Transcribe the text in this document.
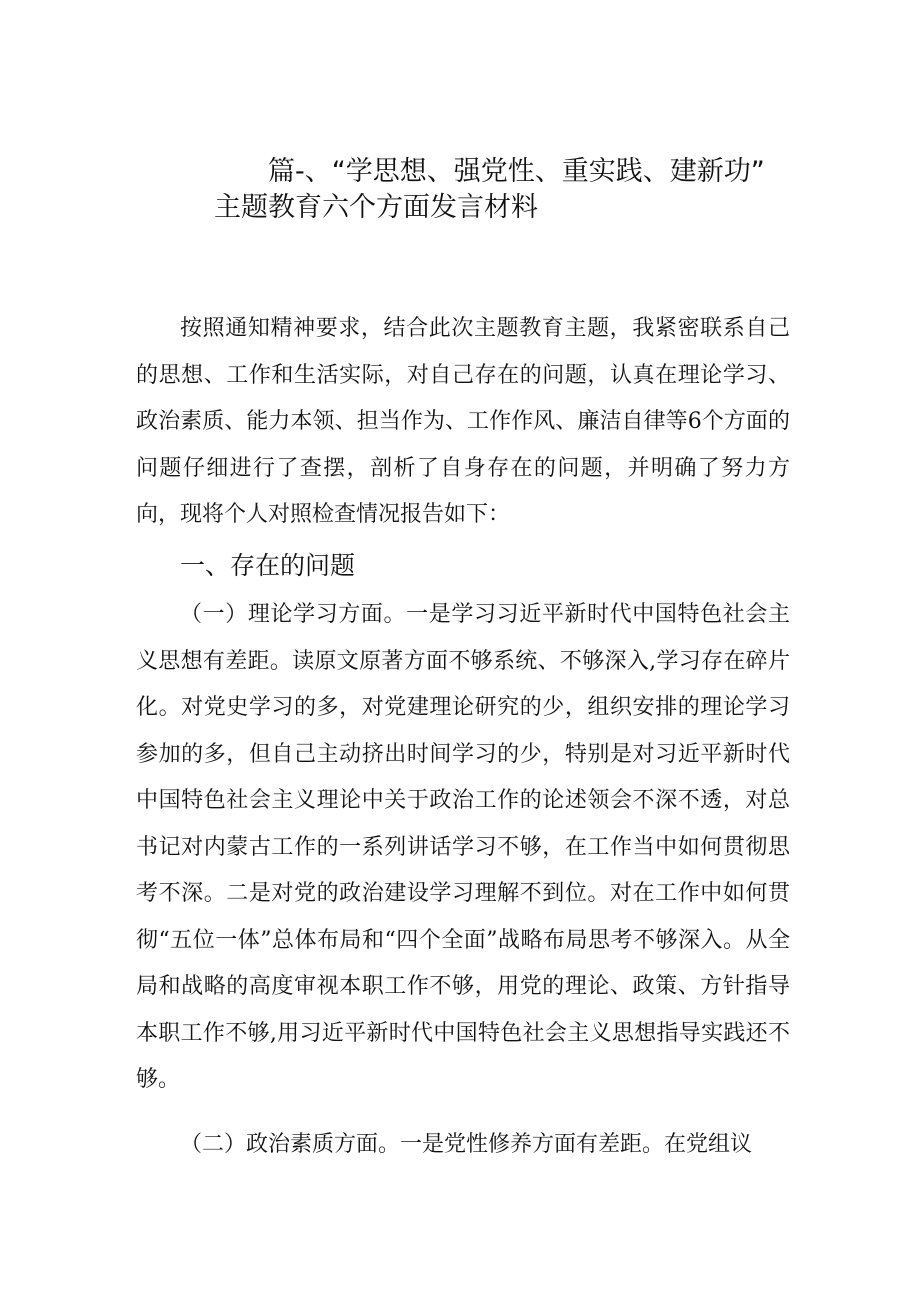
篇-、“学思想、强党性、重实践、建新功”
主题教育六个方面发言材料

按照通知精神要求，结合此次主题教育主题，我紧密联系自己的思想、工作和生活实际，对自己存在的问题，认真在理论学习、政治素质、能力本领、担当作为、工作作风、廉洁自律等6个方面的问题仔细进行了查摆，剖析了自身存在的问题，并明确了努力方向，现将个人对照检查情况报告如下：

一、存在的问题

（一）理论学习方面。一是学习习近平新时代中国特色社会主义思想有差距。读原文原著方面不够系统、不够深入,学习存在碎片化。对党史学习的多，对党建理论研究的少，组织安排的理论学习参加的多，但自己主动挤出时间学习的少，特别是对习近平新时代中国特色社会主义理论中关于政治工作的论述领会不深不透，对总书记对内蒙古工作的一系列讲话学习不够，在工作当中如何贯彻思考不深。二是对党的政治建设学习理解不到位。对在工作中如何贯彻“五位一体”总体布局和“四个全面”战略布局思考不够深入。从全局和战略的高度审视本职工作不够，用党的理论、政策、方针指导本职工作不够,用习近平新时代中国特色社会主义思想指导实践还不够。

（二）政治素质方面。一是党性修养方面有差距。在党组议
